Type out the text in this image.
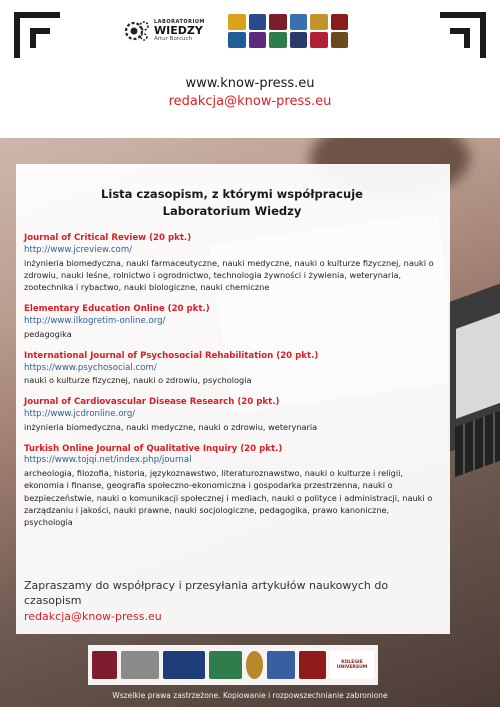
LABORATORIUM
WIEDZY
Artur Borcuch
www.know-press.eu
redakcja@know-press.eu
Lista czasopism, z którymi współpracuje
Laboratorium Wiedzy
Journal of Critical Review (20 pkt.)
http://www.jcreview.com/
inżynieria biomedyczna, nauki farmaceutyczne, nauki medyczne, nauki o kulturze fizycznej, nauki o zdrowiu, nauki leśne, rolnictwo i ogrodnictwo, technologia żywności i żywienia, weterynaria, zootechnika i rybactwo, nauki biologiczne, nauki chemiczne
Elementary Education Online (20 pkt.)
http://www.ilkogretim-online.org/
pedagogika
International Journal of Psychosocial Rehabilitation (20 pkt.)
https://www.psychosocial.com/
nauki o kulturze fizycznej, nauki o zdrowiu, psychologia
Journal of Cardiovascular Disease Research (20 pkt.)
http://www.jcdronline.org/
inżynieria biomedyczna, nauki medyczne, nauki o zdrowiu, weterynaria
Turkish Online Journal of Qualitative Inquiry (20 pkt.)
https://www.tojqi.net/index.php/journal
archeologia, filozofia, historia, językoznawstwo, literaturoznawstwo, nauki o kulturze i religii, ekonomia i finanse, geografia społeczno-ekonomiczna i gospodarka przestrzenna, nauki o bezpieczeństwie, nauki o komunikacji społecznej i mediach, nauki o polityce i administracji, nauki o zarządzaniu i jakości, nauki prawne, nauki socjologiczne, pedagogika, prawo kanoniczne, psychologia
Zapraszamy do współpracy i przesyłania artykułów naukowych do czasopism
redakcja@know-press.eu
KOLEGIE
UNIVERSUM
Wszelkie prawa zastrzeżone. Kopiowanie i rozpowszechnianie zabronione
